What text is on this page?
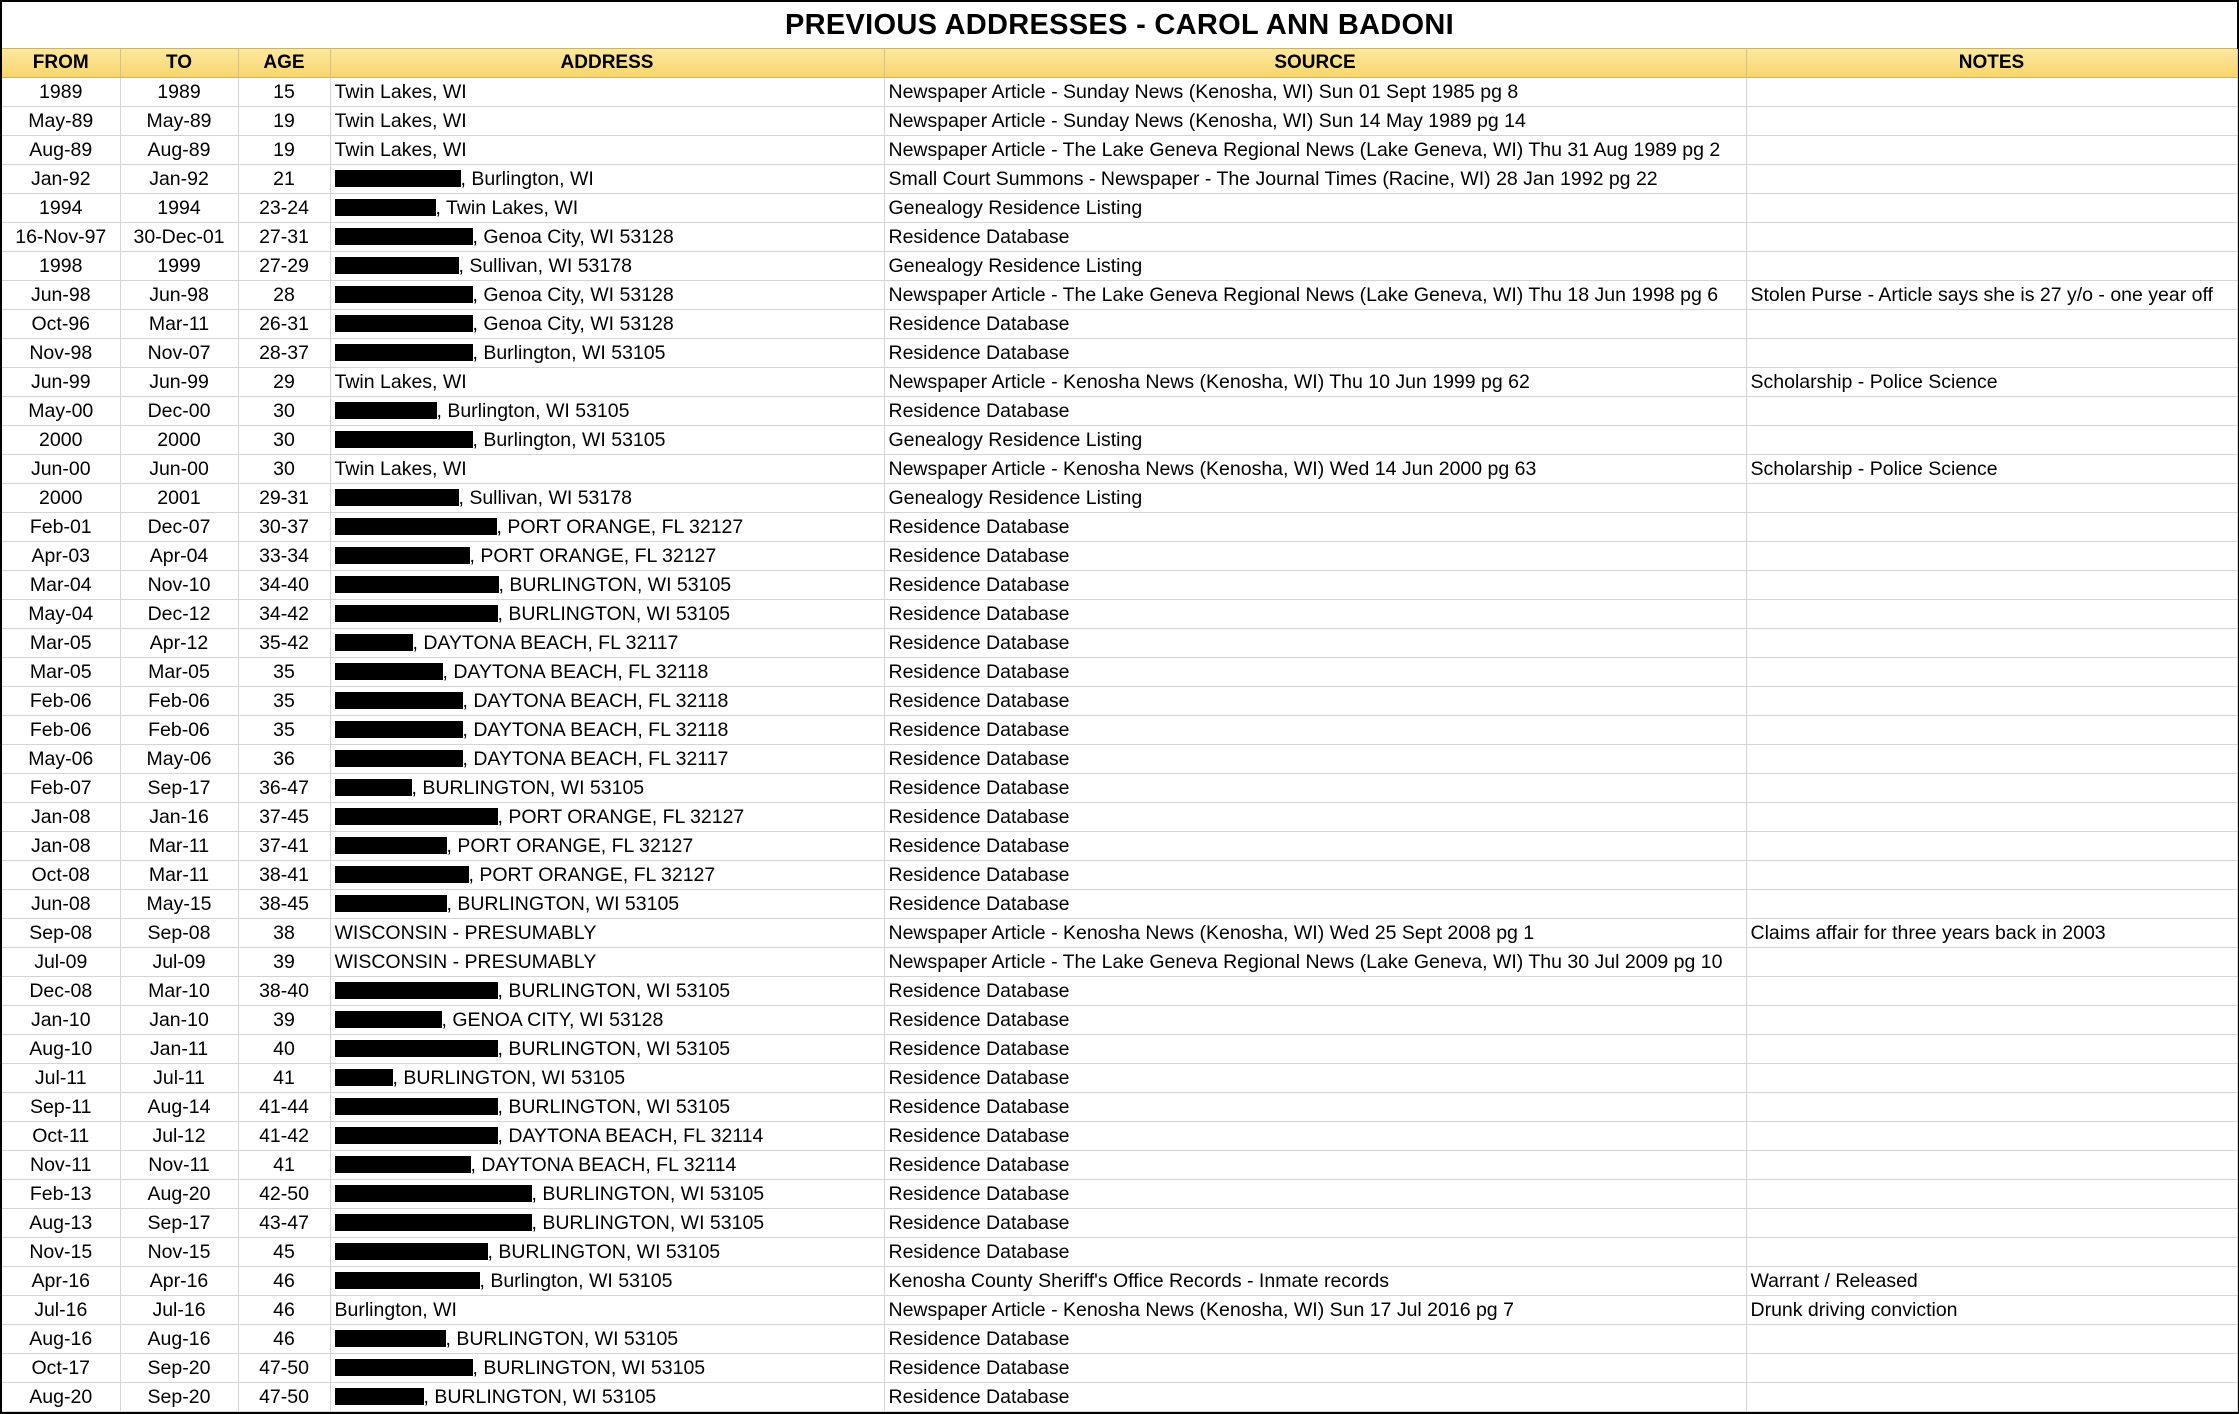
PREVIOUS ADDRESSES - CAROL ANN BADONI
FROM	TO	AGE	ADDRESS	SOURCE	NOTES
1989	1989	15	Twin Lakes, WI	Newspaper Article - Sunday News (Kenosha, WI) Sun 01 Sept 1985 pg 8	
May-89	May-89	19	Twin Lakes, WI	Newspaper Article - Sunday News (Kenosha, WI) Sun 14 May 1989 pg 14	
Aug-89	Aug-89	19	Twin Lakes, WI	Newspaper Article - The Lake Geneva Regional News (Lake Geneva, WI) Thu 31 Aug 1989 pg 2	
Jan-92	Jan-92	21	, Burlington, WI	Small Court Summons - Newspaper - The Journal Times (Racine, WI) 28 Jan 1992 pg 22	
1994	1994	23-24	, Twin Lakes, WI	Genealogy Residence Listing	
16-Nov-97	30-Dec-01	27-31	, Genoa City, WI 53128	Residence Database	
1998	1999	27-29	, Sullivan, WI 53178	Genealogy Residence Listing	
Jun-98	Jun-98	28	, Genoa City, WI 53128	Newspaper Article - The Lake Geneva Regional News (Lake Geneva, WI) Thu 18 Jun 1998 pg 6	Stolen Purse - Article says she is 27 y/o - one year off
Oct-96	Mar-11	26-31	, Genoa City, WI 53128	Residence Database	
Nov-98	Nov-07	28-37	, Burlington, WI 53105	Residence Database	
Jun-99	Jun-99	29	Twin Lakes, WI	Newspaper Article - Kenosha News (Kenosha, WI) Thu 10 Jun 1999 pg 62	Scholarship - Police Science
May-00	Dec-00	30	, Burlington, WI 53105	Residence Database	
2000	2000	30	, Burlington, WI 53105	Genealogy Residence Listing	
Jun-00	Jun-00	30	Twin Lakes, WI	Newspaper Article - Kenosha News (Kenosha, WI) Wed 14 Jun 2000 pg 63	Scholarship - Police Science
2000	2001	29-31	, Sullivan, WI 53178	Genealogy Residence Listing	
Feb-01	Dec-07	30-37	, PORT ORANGE, FL 32127	Residence Database	
Apr-03	Apr-04	33-34	, PORT ORANGE, FL 32127	Residence Database	
Mar-04	Nov-10	34-40	, BURLINGTON, WI 53105	Residence Database	
May-04	Dec-12	34-42	, BURLINGTON, WI 53105	Residence Database	
Mar-05	Apr-12	35-42	, DAYTONA BEACH, FL 32117	Residence Database	
Mar-05	Mar-05	35	, DAYTONA BEACH, FL 32118	Residence Database	
Feb-06	Feb-06	35	, DAYTONA BEACH, FL 32118	Residence Database	
Feb-06	Feb-06	35	, DAYTONA BEACH, FL 32118	Residence Database	
May-06	May-06	36	, DAYTONA BEACH, FL 32117	Residence Database	
Feb-07	Sep-17	36-47	, BURLINGTON, WI 53105	Residence Database	
Jan-08	Jan-16	37-45	, PORT ORANGE, FL 32127	Residence Database	
Jan-08	Mar-11	37-41	, PORT ORANGE, FL 32127	Residence Database	
Oct-08	Mar-11	38-41	, PORT ORANGE, FL 32127	Residence Database	
Jun-08	May-15	38-45	, BURLINGTON, WI 53105	Residence Database	
Sep-08	Sep-08	38	WISCONSIN - PRESUMABLY	Newspaper Article - Kenosha News (Kenosha, WI) Wed 25 Sept 2008 pg 1	Claims affair for three years back in 2003
Jul-09	Jul-09	39	WISCONSIN - PRESUMABLY	Newspaper Article - The Lake Geneva Regional News (Lake Geneva, WI) Thu 30 Jul 2009 pg 10	
Dec-08	Mar-10	38-40	, BURLINGTON, WI 53105	Residence Database	
Jan-10	Jan-10	39	, GENOA CITY, WI 53128	Residence Database	
Aug-10	Jan-11	40	, BURLINGTON, WI 53105	Residence Database	
Jul-11	Jul-11	41	, BURLINGTON, WI 53105	Residence Database	
Sep-11	Aug-14	41-44	, BURLINGTON, WI 53105	Residence Database	
Oct-11	Jul-12	41-42	, DAYTONA BEACH, FL 32114	Residence Database	
Nov-11	Nov-11	41	, DAYTONA BEACH, FL 32114	Residence Database	
Feb-13	Aug-20	42-50	, BURLINGTON, WI 53105	Residence Database	
Aug-13	Sep-17	43-47	, BURLINGTON, WI 53105	Residence Database	
Nov-15	Nov-15	45	, BURLINGTON, WI 53105	Residence Database	
Apr-16	Apr-16	46	, Burlington, WI 53105	Kenosha County Sheriff's Office Records - Inmate records	Warrant / Released
Jul-16	Jul-16	46	Burlington, WI	Newspaper Article - Kenosha News (Kenosha, WI) Sun 17 Jul 2016 pg 7	Drunk driving conviction
Aug-16	Aug-16	46	, BURLINGTON, WI 53105	Residence Database	
Oct-17	Sep-20	47-50	, BURLINGTON, WI 53105	Residence Database	
Aug-20	Sep-20	47-50	, BURLINGTON, WI 53105	Residence Database	
